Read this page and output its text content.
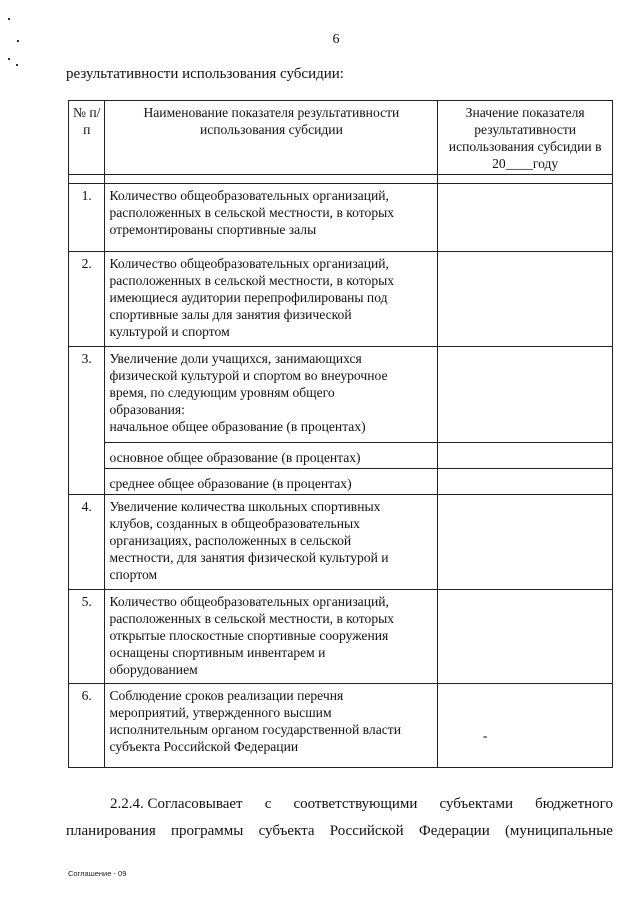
6
результативности использования субсидии:
№ п/п	Наименование показателя результативности использования субсидии	Значение показателя результативности использования субсидии в 20____году

1.	Количество общеобразовательных организаций,
расположенных в сельской местности, в которых
отремонтированы спортивные залы	

2.	Количество общеобразовательных организаций,
расположенных в сельской местности, в которых
имеющиеся аудитории перепрофилированы под
спортивные залы для занятия физической
культурой и спортом	

3.	Увеличение доли учащихся, занимающихся
физической культурой и спортом во внеурочное
время, по следующим уровням общего
образования:
начальное общее образование (в процентах)	

	основное общее образование (в процентах)	

	среднее общее образование (в процентах)	

4.	Увеличение количества школьных спортивных
клубов, созданных в общеобразовательных
организациях, расположенных в сельской
местности, для занятия физической культурой и
спортом	

5.	Количество общеобразовательных организаций,
расположенных в сельской местности, в которых
открытые плоскостные спортивные сооружения
оснащены спортивным инвентарем и
оборудованием	

6.	Соблюдение сроков реализации перечня
мероприятий, утвержденного высшим
исполнительным органом государственной власти
субъекта Российской Федерации	-
2.2.4. Согласовывает с соответствующими субъектами бюджетного
планирования программы субъекта Российской Федерации (муниципальные
Соглашение - 09
